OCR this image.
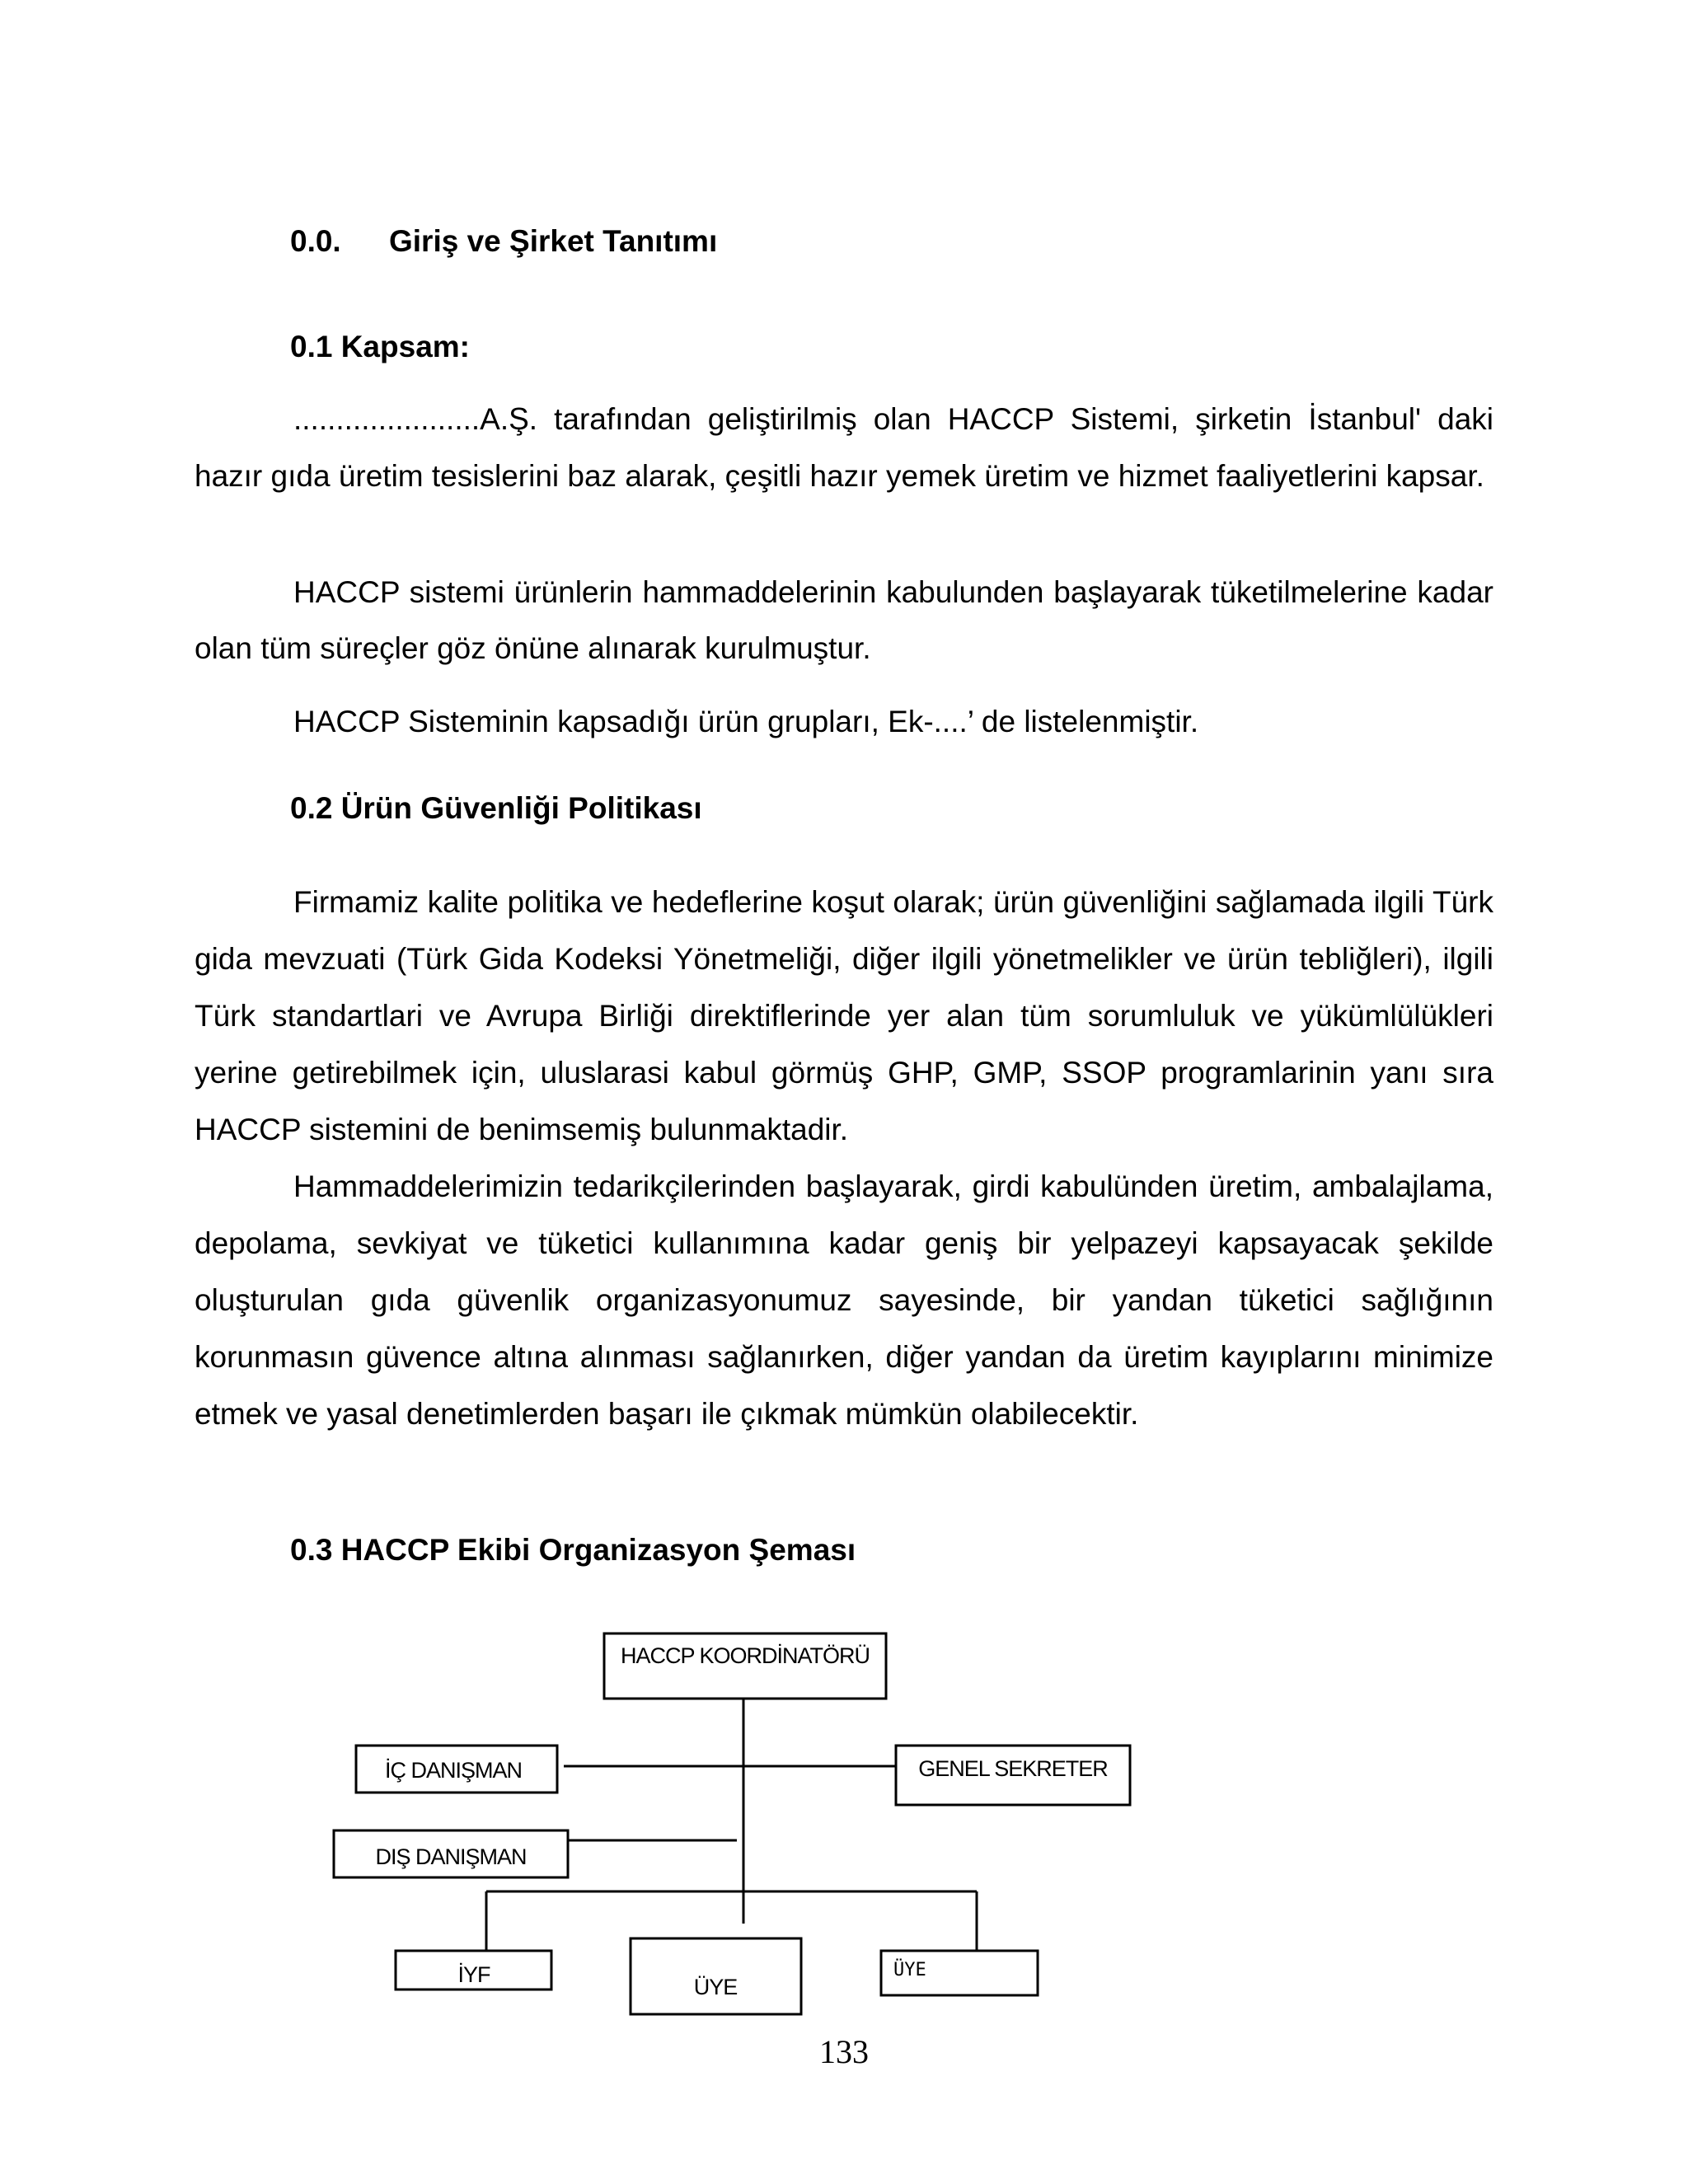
0.0. Giriş ve Şirket Tanıtımı
0.1 Kapsam:

......................A.Ş. tarafından geliştirilmiş olan HACCP Sistemi, şirketin İstanbul' daki hazır gıda üretim tesislerini baz alarak, çeşitli hazır yemek üretim ve hizmet faaliyetlerini kapsar.

HACCP sistemi ürünlerin hammaddelerinin kabulunden başlayarak tüketilmelerine kadar olan tüm süreçler göz önüne alınarak kurulmuştur.

HACCP Sisteminin kapsadığı ürün grupları, Ek-....’ de listelenmiştir.

0.2 Ürün Güvenliği Politikası

Firmamiz kalite politika ve hedeflerine koşut olarak; ürün güvenliğini sağlamada ilgili Türk gida mevzuati (Türk Gida Kodeksi Yönetmeliği, diğer ilgili yönetmelikler ve ürün tebliğleri), ilgili Türk standartlari ve Avrupa Birliği direktiflerinde yer alan tüm sorumluluk ve yükümlülükleri yerine getirebilmek için, uluslarasi kabul görmüş GHP, GMP, SSOP programlarinin yanı sıra HACCP sistemini de benimsemiş bulunmaktadir.

Hammaddelerimizin tedarikçilerinden başlayarak, girdi kabulünden üretim, ambalajlama, depolama, sevkiyat ve tüketici kullanımına kadar geniş bir yelpazeyi kapsayacak şekilde oluşturulan gıda güvenlik organizasyonumuz sayesinde, bir yandan tüketici sağlığının korunmasın güvence altına alınması sağlanırken, diğer yandan da üretim kayıplarını minimize etmek ve yasal denetimlerden başarı ile çıkmak mümkün olabilecektir.

0.3 HACCP Ekibi Organizasyon Şeması
HACCP KOORDİNATÖRÜ
İÇ DANIŞMAN	GENEL SEKRETER
DIŞ DANIŞMAN
İYF	ÜYE
ÜYE
133
